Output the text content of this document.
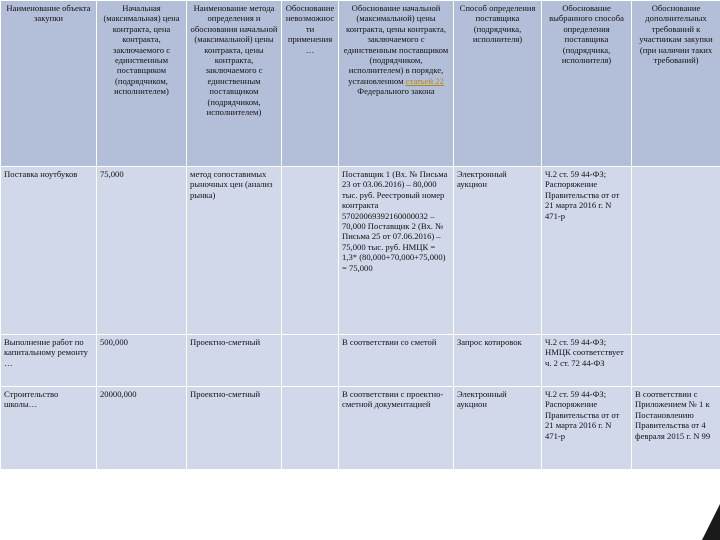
Наименование объекта закупки	Начальная (максимальная) цена контракта, цена контракта, заключаемого с единственным поставщиком (подрядчиком, исполнителем)	Наименование метода определения и обоснования начальной (максимальной) цены контракта, цены контракта, заключаемого с единственным поставщиком (подрядчиком, исполнителем)	Обоснование невозможнос ти применения …	Обоснование начальной (максимальной) цены контракта, цены контракта, заключаемого с единственным поставщиком (подрядчиком, исполнителем) в порядке, установленном статьей 22 Федерального закона	Способ определения поставщика (подрядчика, исполнителя)	Обоснование выбранного способа определения поставщика (подрядчика, исполнителя)	Обоснование дополнительных требований к участникам закупки (при наличии таких требований)
Поставка ноутбуков	75,000	метод сопоставимых рыночных цен (анализ рынка)		Поставщик 1 (Вх. № Письма 23 от 03.06.2016) – 80,000 тыс. руб. Реестровый номер контракта 57020069392160000032 – 70,000 Поставщик 2 (Вх. № Письма 25 от 07.06.2016) – 75,000 тыс. руб. НМЦК = 1,3* (80,000+70,000+75,000) = 75,000	Электронный аукцион	Ч.2 ст. 59 44-ФЗ; Распоряжение Правительства от от 21 марта 2016 г. N 471-р	
Выполнение работ по капитальному ремонту …	500,000	Проектно-сметный		В соответствии со сметой	Запрос котировок	Ч.2 ст. 59 44-ФЗ; НМЦК соответствует ч. 2 ст. 72 44-ФЗ	
Строительство школы…	20000,000	Проектно-сметный		В соответствии с проектно-сметной документацией	Электронный аукцион	Ч.2 ст. 59 44-ФЗ; Распоряжение Правительства от от 21 марта 2016 г. N 471-р	В соответствии с Приложением № 1 к Постановлению Правительства от 4 февраля 2015 г. N 99
